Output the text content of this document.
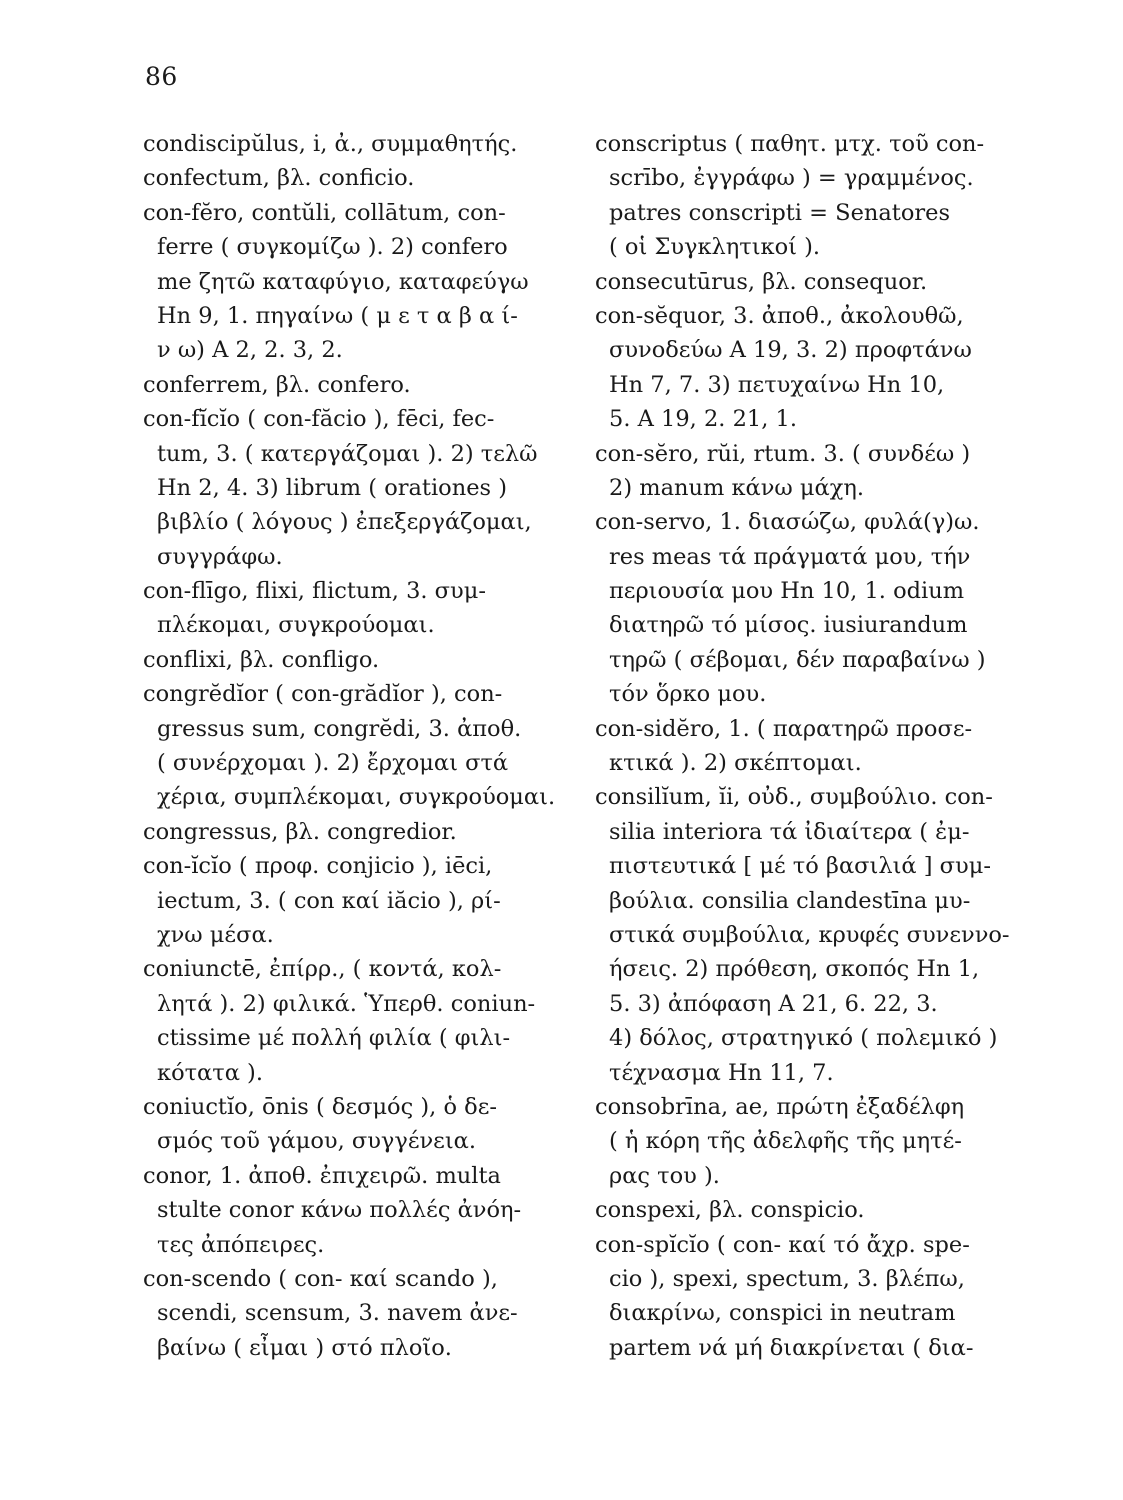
86
condiscipŭlus, i, ἀ., συμμαθητής.
confectum, βλ. conficio.
con-fĕro, contŭli, collātum, con-
ferre ( συγκομίζω ). 2) confero
me ζητῶ καταφύγιο, καταφεύγω
Hn 9, 1. πηγαίνω ( μ ε τ α β α ί-
ν ω) Α 2, 2. 3, 2.
conferrem, βλ. confero.
con-fĭcĭo ( con-făcio ), fēci, fec-
tum, 3. ( κατεργάζομαι ). 2) τελῶ
Hn 2, 4. 3) librum ( orationes )
βιβλίο ( λόγους ) ἐπεξεργάζομαι,
συγγράφω.
con-flīgo, flixi, flictum, 3. συμ-
πλέκομαι, συγκρούομαι.
conflixi, βλ. confligo.
congrĕdĭor ( con-grădĭor ), con-
gressus sum, congrĕdi, 3. ἀποθ.
( συνέρχομαι ). 2) ἔρχομαι στά
χέρια, συμπλέκομαι, συγκρούομαι.
congressus, βλ. congredior.
con-ĭcĭo ( προφ. conjicio ), iēci,
iectum, 3. ( con καί iăcio ), ρί-
χνω μέσα.
coniunctē, ἐπίρρ., ( κοντά, κολ-
λητά ). 2) φιλικά. Ὑπερθ. coniun-
ctissime μέ πολλή φιλία ( φιλι-
κότατα ).
coniuctĭo, ōnis ( δεσμός ), ὁ δε-
σμός τοῦ γάμου, συγγένεια.
conor, 1. ἀποθ. ἐπιχειρῶ. multa
stulte conor κάνω πολλές ἀνόη-
τες ἀπόπειρες.
con-scendo ( con- καί scando ),
scendi, scensum, 3. navem ἀνε-
βαίνω ( εἶμαι ) στό πλοῖο.
conscriptus ( παθητ. μτχ. τοῦ con-
scrībo, ἐγγράφω ) = γραμμένος.
patres conscripti = Senatores
( οἱ Συγκλητικοί ).
consecutūrus, βλ. consequor.
con-sĕquor, 3. ἀποθ., ἀκολουθῶ,
συνοδεύω Α 19, 3. 2) προφτάνω
Hn 7, 7. 3) πετυχαίνω Hn 10,
5. Α 19, 2. 21, 1.
con-sĕro, rŭi, rtum. 3. ( συνδέω )
2) manum κάνω μάχη.
con-servo, 1. διασώζω, φυλά(γ)ω.
res meas τά πράγματά μου, τήν
περιουσία μου Hn 10, 1. odium
διατηρῶ τό μίσος. iusiurandum
τηρῶ ( σέβομαι, δέν παραβαίνω )
τόν ὅρκο μου.
con-sidĕro, 1. ( παρατηρῶ προσε-
κτικά ). 2) σκέπτομαι.
consilĭum, ĭi, οὐδ., συμβούλιο. con-
silia interiora τά ἰδιαίτερα ( ἐμ-
πιστευτικά [ μέ τό βασιλιά ] συμ-
βούλια. consilia clandestīna μυ-
στικά συμβούλια, κρυφές συνεννο-
ήσεις. 2) πρόθεση, σκοπός Hn 1,
5. 3) ἀπόφαση Α 21, 6. 22, 3.
4) δόλος, στρατηγικό ( πολεμικό )
τέχνασμα Hn 11, 7.
consobrīna, ae, πρώτη ἐξαδέλφη
( ἡ κόρη τῆς ἀδελφῆς τῆς μητέ-
ρας του ).
conspexi, βλ. conspicio.
con-spĭcĭo ( con- καί τό ἄχρ. spe-
cio ), spexi, spectum, 3. βλέπω,
διακρίνω, conspici in neutram
partem νά μή διακρίνεται ( δια-
